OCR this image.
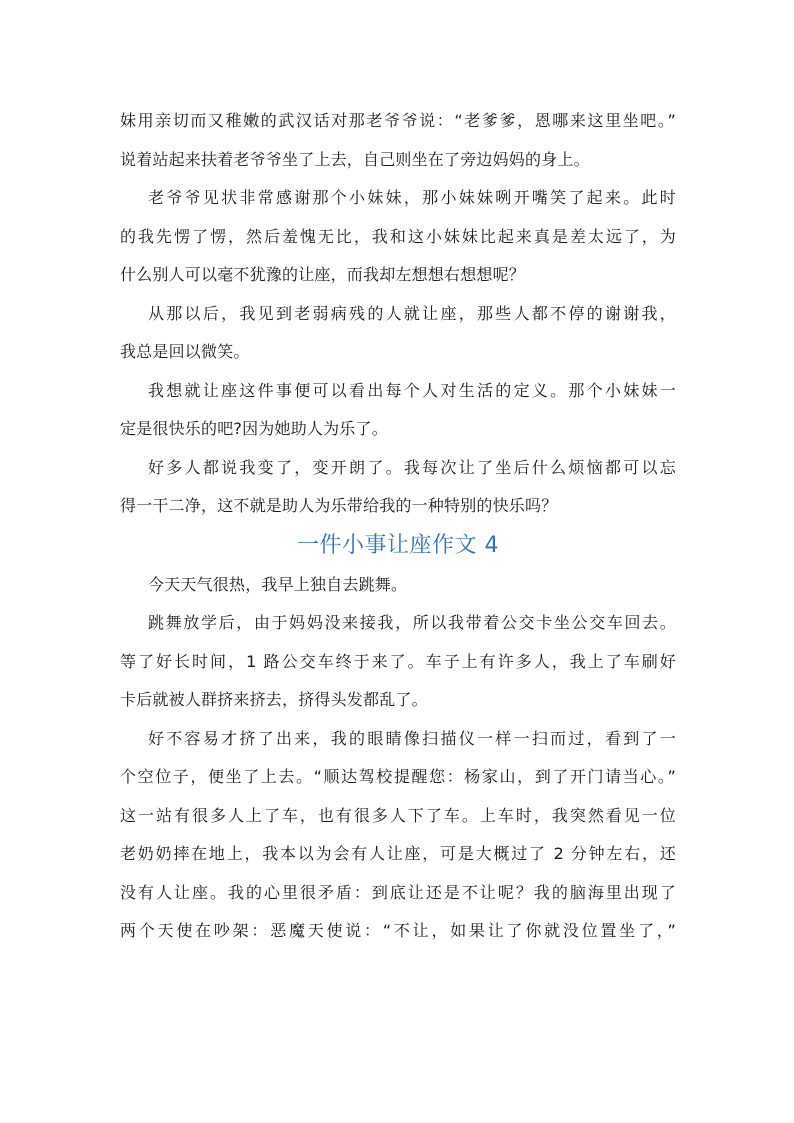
妹用亲切而又稚嫩的武汉话对那老爷爷说：“老爹爹，恩哪来这里坐吧。”
说着站起来扶着老爷爷坐了上去，自己则坐在了旁边妈妈的身上。
老爷爷见状非常感谢那个小妹妹，那小妹妹咧开嘴笑了起来。此时
的我先愣了愣，然后羞愧无比，我和这小妹妹比起来真是差太远了，为
什么别人可以毫不犹豫的让座，而我却左想想右想想呢？
从那以后，我见到老弱病残的人就让座，那些人都不停的谢谢我，
我总是回以微笑。
我想就让座这件事便可以看出每个人对生活的定义。那个小妹妹一
定是很快乐的吧?因为她助人为乐了。
好多人都说我变了，变开朗了。我每次让了坐后什么烦恼都可以忘
得一干二净，这不就是助人为乐带给我的一种特别的快乐吗？
一件小事让座作文 4
今天天气很热，我早上独自去跳舞。
跳舞放学后，由于妈妈没来接我，所以我带着公交卡坐公交车回去。
等了好长时间，1 路公交车终于来了。车子上有许多人，我上了车刷好
卡后就被人群挤来挤去，挤得头发都乱了。
好不容易才挤了出来，我的眼睛像扫描仪一样一扫而过，看到了一
个空位子，便坐了上去。“顺达驾校提醒您：杨家山，到了开门请当心。”
这一站有很多人上了车，也有很多人下了车。上车时，我突然看见一位
老奶奶摔在地上，我本以为会有人让座，可是大概过了 2 分钟左右，还
没有人让座。我的心里很矛盾：到底让还是不让呢？我的脑海里出现了
两个天使在吵架：恶魔天使说：“不让，如果让了你就没位置坐了，”
